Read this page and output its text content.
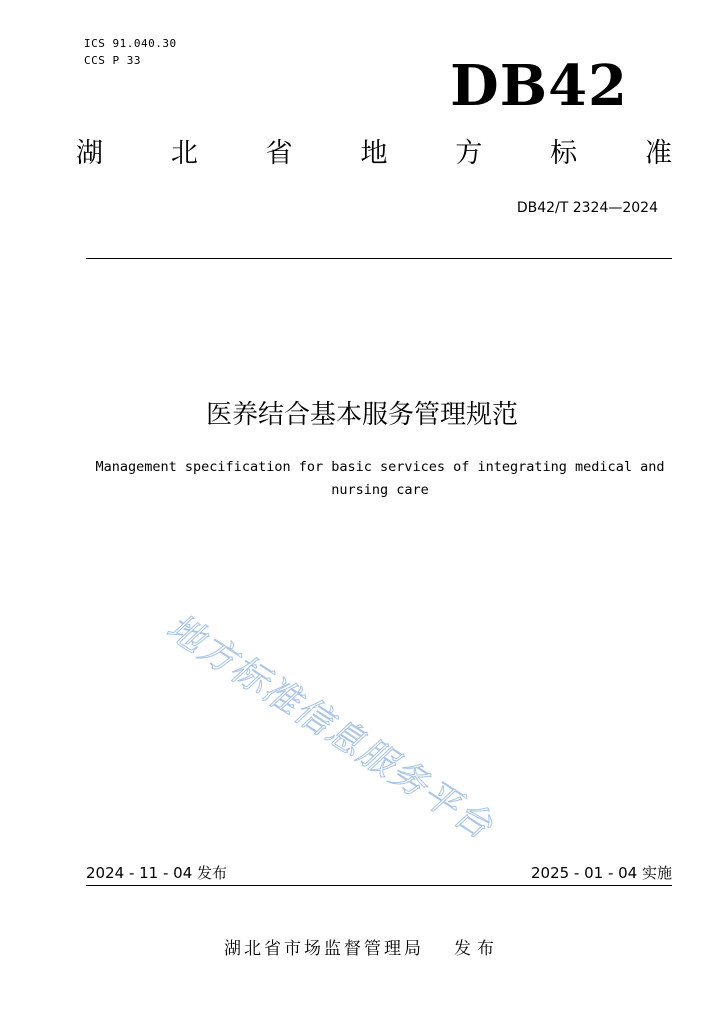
ICS 91.040.30
CCS P 33	DB42
湖	北	省	地	方	标	准
DB42/T 2324—2024
医养结合基本服务管理规范
Management specification for basic services of integrating medical and nursing care
地方标准信息服务平台
2024 - 11 - 04 发布	2025 - 01 - 04 实施
湖北省市场监督管理局 发布
